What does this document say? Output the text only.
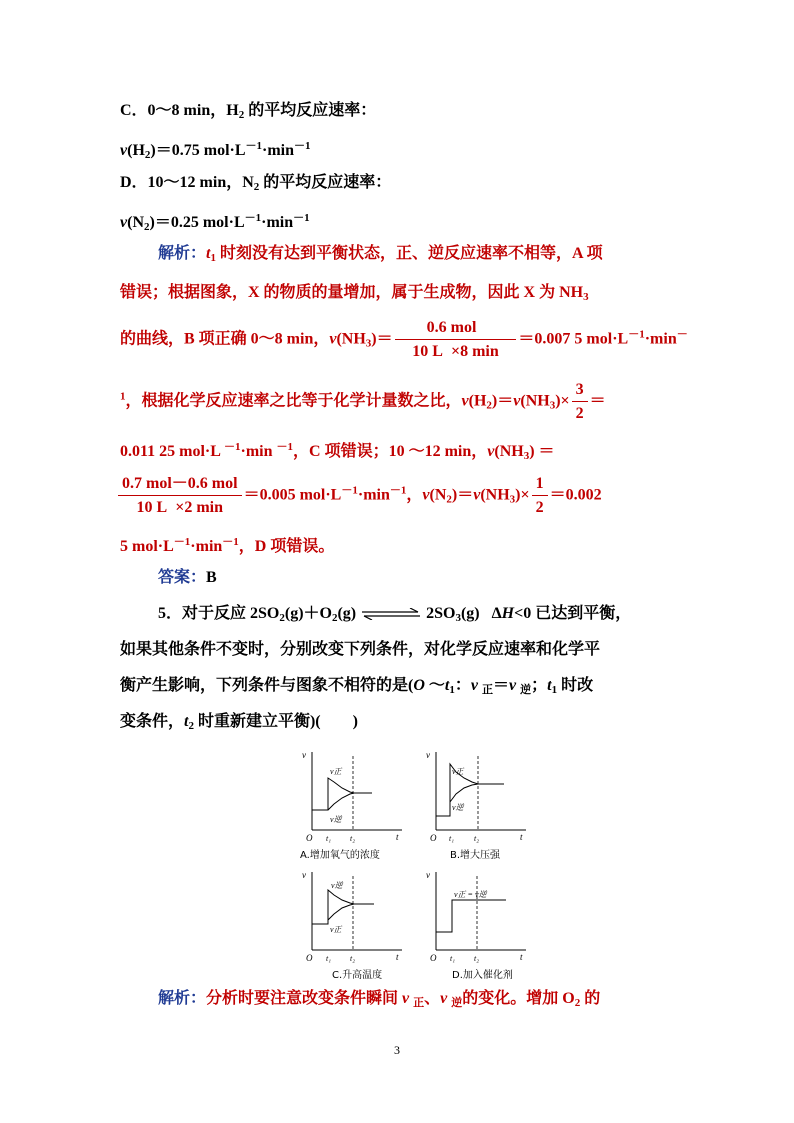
C．0～8 min，$H_2$ 的平均反应速率：
$v(H_2)=0.75$ $mol\cdot L^{-1}\cdot\min^{-1}$
D．10～12 min，$N_2$ 的平均反应速率：
$v(N_2)=0.25$ $mol\cdot L^{-1}\cdot\min^{-1}$
解析：$t_1$ 时刻没有达到平衡状态，正、逆反应速率不相等，A 项
错误；根据图象，X 的物质的量增加，属于生成物，因此 X 为 $NH_3$
的曲线，B 项正确 0～8 min，$v(NH_3)= \frac{\text{0.6 mol}}{10 L \times 8 \min} =0.007$ 5 $mol\cdot L^{-1}\cdot\min^-$
$^1$，根据化学反应速率之比等于化学计量数之比，$v(H_2)=v(NH_3)\times \frac{3}{2}$ ＝
0.011 25 mol·L $^{-1}$·min $^{-1}$，C 项错误；10 ～12 min，$v(NH_3)$ ＝
$\frac{\text{0.7 mol－0.6 mol}}{10 L \times 2 \min} =0.005$ $mol\cdot L^{-1}\cdot\min^{-1}$，$v(N_2)=v(NH_3)\times \frac{1}{2} =0.002$
5 $mol\cdot L^{-1}\cdot\min^{-1}$，D 项错误。
答案：B
5．对于反应 $2SO_2(g)+O_2(g)$ ⇌ $2SO_3(g)$   ΔH<0 已达到平衡，
如果其他条件不变时，分别改变下列条件，对化学反应速率和化学平
衡产生影响，下列条件与图象不相符的是(O $\sim t_1$：v $_正$＝v $_逆$；$t_1$ 时改
变条件，$t_2$ 时重新建立平衡)(　　)
v
t
O t₁ t₂
v正
v逆
A.增加氧气的浓度
v
t
O t₁ t₂
v正
v逆
B.增大压强
v
t
O t₁ t₂
v逆
v正
C.升高温度
v
t
O t₁ t₂
v正 = v逆
D.加入催化剂
解析：分析时要注意改变条件瞬间 v $_正$、v $_逆$的变化。增加 $O_2$ 的
3
